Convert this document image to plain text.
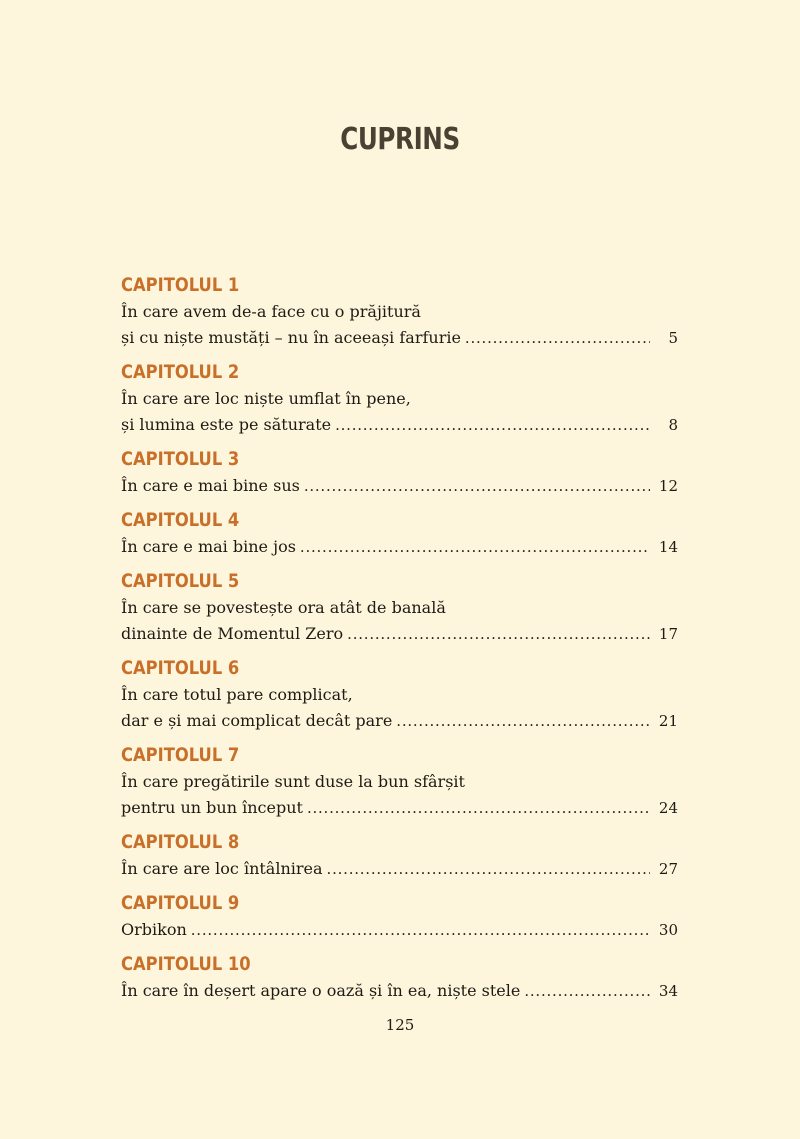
CUPRINS
CAPITOLUL 1
În care avem de-a face cu o prăjitură
și cu niște mustăți – nu în aceeași farfurie . . .	5
CAPITOLUL 2
În care are loc niște umflat în pene,
și lumina este pe săturate . . .	8
CAPITOLUL 3
În care e mai bine sus . . .	12
CAPITOLUL 4
În care e mai bine jos . . .	14
CAPITOLUL 5
În care se povestește ora atât de banală
dinainte de Momentul Zero . . .	17
CAPITOLUL 6
În care totul pare complicat,
dar e și mai complicat decât pare . . .	21
CAPITOLUL 7
În care pregătirile sunt duse la bun sfârșit
pentru un bun început . . .	24
CAPITOLUL 8
În care are loc întâlnirea . . .	27
CAPITOLUL 9
Orbikon . . .	30
CAPITOLUL 10
În care în deșert apare o oază și în ea, niște stele . . .	34
125
